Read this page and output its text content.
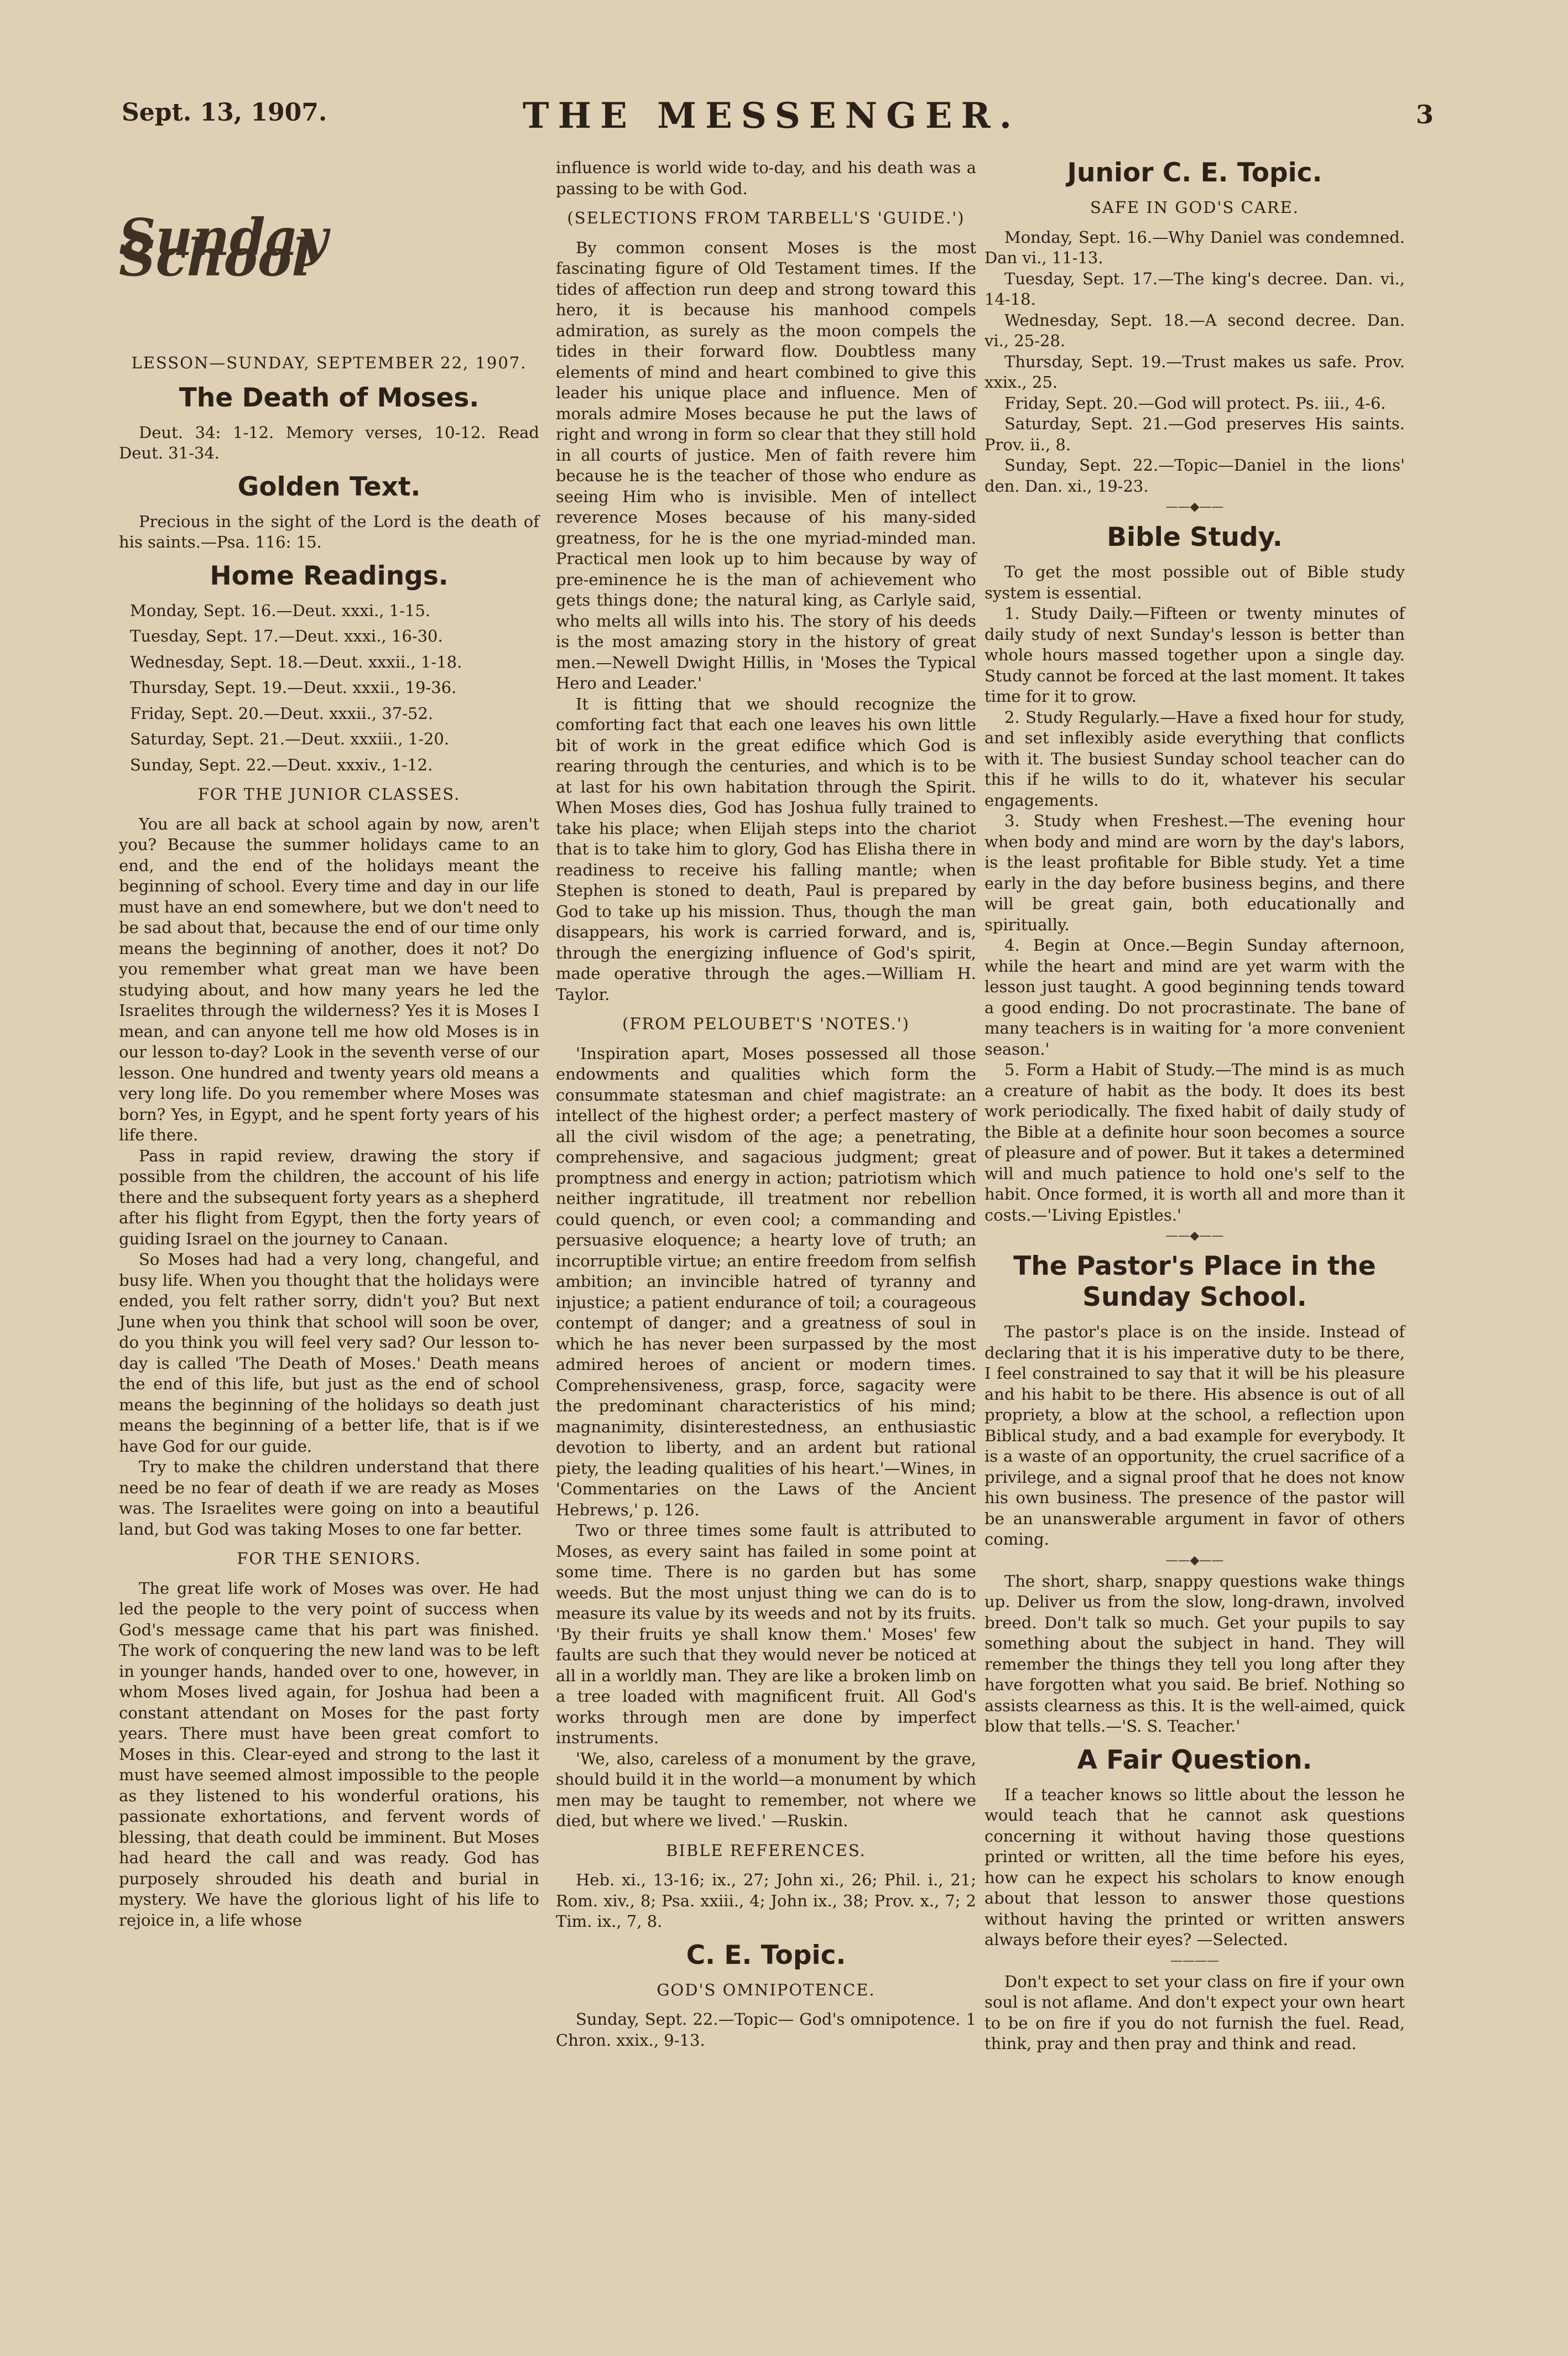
Sept. 13, 1907.	THE MESSENGER.	3
Sunday School
LESSON—SUNDAY, SEPTEMBER 22, 1907.
The Death of Moses.

Deut. 34: 1-12. Memory verses, 10-12. Read Deut. 31-34.

Golden Text.

Precious in the sight of the Lord is the death of his saints.—Psa. 116: 15.

Home Readings.
Monday, Sept. 16.—Deut. xxxi., 1-15.
Tuesday, Sept. 17.—Deut. xxxi., 16-30.
Wednesday, Sept. 18.—Deut. xxxii., 1-18.
Thursday, Sept. 19.—Deut. xxxii., 19-36.
Friday, Sept. 20.—Deut. xxxii., 37-52.
Saturday, Sept. 21.—Deut. xxxiii., 1-20.
Sunday, Sept. 22.—Deut. xxxiv., 1-12.
FOR THE JUNIOR CLASSES.

You are all back at school again by now, aren't you? Because the summer holidays came to an end, and the end of the holidays meant the beginning of school. Every time and day in our life must have an end somewhere, but we don't need to be sad about that, because the end of our time only means the beginning of another, does it not? Do you remember what great man we have been studying about, and how many years he led the Israelites through the wilderness? Yes it is Moses I mean, and can anyone tell me how old Moses is in our lesson to-day? Look in the seventh verse of our lesson. One hundred and twenty years old means a very long life. Do you remember where Moses was born? Yes, in Egypt, and he spent forty years of his life there.

Pass in rapid review, drawing the story if possible from the children, the account of his life there and the subsequent forty years as a shepherd after his flight from Egypt, then the forty years of guiding Israel on the journey to Canaan.

So Moses had had a very long, changeful, and busy life. When you thought that the holidays were ended, you felt rather sorry, didn't you? But next June when you think that school will soon be over, do you think you will feel very sad? Our lesson to-day is called 'The Death of Moses.' Death means the end of this life, but just as the end of school means the beginning of the holidays so death just means the beginning of a better life, that is if we have God for our guide.

Try to make the children understand that there need be no fear of death if we are ready as Moses was. The Israelites were going on into a beautiful land, but God was taking Moses to one far better.

FOR THE SENIORS.

The great life work of Moses was over. He had led the people to the very point of success when God's message came that his part was finished. The work of conquering the new land was to be left in younger hands, handed over to one, however, in whom Moses lived again, for Joshua had been a constant attendant on Moses for the past forty years. There must have been great comfort to Moses in this. Clear-eyed and strong to the last it must have seemed almost impossible to the people as they listened to his wonderful orations, his passionate exhortations, and fervent words of blessing, that death could be imminent. But Moses had heard the call and was ready. God has purposely shrouded his death and burial in mystery. We have the glorious light of his life to rejoice in, a life whose

influence is world wide to-day, and his death was a passing to be with God.

(SELECTIONS FROM TARBELL'S 'GUIDE.')

By common consent Moses is the most fascinating figure of Old Testament times. If the tides of affection run deep and strong toward this hero, it is because his manhood compels admiration, as surely as the moon compels the tides in their forward flow. Doubtless many elements of mind and heart combined to give this leader his unique place and influence. Men of morals admire Moses because he put the laws of right and wrong in form so clear that they still hold in all courts of justice. Men of faith revere him because he is the teacher of those who endure as seeing Him who is invisible. Men of intellect reverence Moses because of his many-sided greatness, for he is the one myriad-minded man. Practical men look up to him because by way of pre-eminence he is the man of achievement who gets things done; the natural king, as Carlyle said, who melts all wills into his. The story of his deeds is the most amazing story in the history of great men.—Newell Dwight Hillis, in 'Moses the Typical Hero and Leader.'

It is fitting that we should recognize the comforting fact that each one leaves his own little bit of work in the great edifice which God is rearing through the centuries, and which is to be at last for his own habitation through the Spirit. When Moses dies, God has Joshua fully trained to take his place; when Elijah steps into the chariot that is to take him to glory, God has Elisha there in readiness to receive his falling mantle; when Stephen is stoned to death, Paul is prepared by God to take up his mission. Thus, though the man disappears, his work is carried forward, and is, through the energizing influence of God's spirit, made operative through the ages.—William H. Taylor.

(FROM PELOUBET'S 'NOTES.')

'Inspiration apart, Moses possessed all those endowments and qualities which form the consummate statesman and chief magistrate: an intellect of the highest order; a perfect mastery of all the civil wisdom of the age; a penetrating, comprehensive, and sagacious judgment; great promptness and energy in action; patriotism which neither ingratitude, ill treatment nor rebellion could quench, or even cool; a commanding and persuasive eloquence; a hearty love of truth; an incorruptible virtue; an entire freedom from selfish ambition; an invincible hatred of tyranny and injustice; a patient endurance of toil; a courageous contempt of danger; and a greatness of soul in which he has never been surpassed by the most admired heroes of ancient or modern times. Comprehensiveness, grasp, force, sagacity were the predominant characteristics of his mind; magnanimity, disinterestedness, an enthusiastic devotion to liberty, and an ardent but rational piety, the leading qualities of his heart.'—Wines, in 'Commentaries on the Laws of the Ancient Hebrews,' p. 126.

Two or three times some fault is attributed to Moses, as every saint has failed in some point at some time. There is no garden but has some weeds. But the most unjust thing we can do is to measure its value by its weeds and not by its fruits. 'By their fruits ye shall know them.' Moses' few faults are such that they would never be noticed at all in a worldly man. They are like a broken limb on a tree loaded with magnificent fruit. All God's works through men are done by imperfect instruments.

'We, also, careless of a monument by the grave, should build it in the world—a monument by which men may be taught to remember, not where we died, but where we lived.' —Ruskin.

BIBLE REFERENCES.

Heb. xi., 13-16; ix., 27; John xi., 26; Phil. i., 21; Rom. xiv., 8; Psa. xxiii., 4; John ix., 38; Prov. x., 7; 2 Tim. ix., 7, 8.

C. E. Topic.
GOD'S OMNIPOTENCE.

Sunday, Sept. 22.—Topic— God's omnipotence. 1 Chron. xxix., 9-13.

Junior C. E. Topic.
SAFE IN GOD'S CARE.

Monday, Sept. 16.—Why Daniel was condemned. Dan vi., 11-13.

Tuesday, Sept. 17.—The king's decree. Dan. vi., 14-18.

Wednesday, Sept. 18.—A second decree. Dan. vi., 25-28.

Thursday, Sept. 19.—Trust makes us safe. Prov. xxix., 25.

Friday, Sept. 20.—God will protect. Ps. iii., 4-6.

Saturday, Sept. 21.—God preserves His saints. Prov. ii., 8.

Sunday, Sept. 22.—Topic—Daniel in the lions' den. Dan. xi., 19-23.

——◆——
Bible Study.

To get the most possible out of Bible study system is essential.

1. Study Daily.—Fifteen or twenty minutes of daily study of next Sunday's lesson is better than whole hours massed together upon a single day. Study cannot be forced at the last moment. It takes time for it to grow.

2. Study Regularly.—Have a fixed hour for study, and set inflexibly aside everything that conflicts with it. The busiest Sunday school teacher can do this if he wills to do it, whatever his secular engagements.

3. Study when Freshest.—The evening hour when body and mind are worn by the day's labors, is the least profitable for Bible study. Yet a time early in the day before business begins, and there will be great gain, both educationally and spiritually.

4. Begin at Once.—Begin Sunday afternoon, while the heart and mind are yet warm with the lesson just taught. A good beginning tends toward a good ending. Do not procrastinate. The bane of many teachers is in waiting for 'a more convenient season.'

5. Form a Habit of Study.—The mind is as much a creature of habit as the body. It does its best work periodically. The fixed habit of daily study of the Bible at a definite hour soon becomes a source of pleasure and of power. But it takes a determined will and much patience to hold one's self to the habit. Once formed, it is worth all and more than it costs.—'Living Epistles.'

——◆——
The Pastor's Place in the Sunday School.

The pastor's place is on the inside. Instead of declaring that it is his imperative duty to be there, I feel constrained to say that it will be his pleasure and his habit to be there. His absence is out of all propriety, a blow at the school, a reflection upon Biblical study, and a bad example for everybody. It is a waste of an opportunity, the cruel sacrifice of a privilege, and a signal proof that he does not know his own business. The presence of the pastor will be an unanswerable argument in favor of others coming.

——◆——

The short, sharp, snappy questions wake things up. Deliver us from the slow, long-drawn, involved breed. Don't talk so much. Get your pupils to say something about the subject in hand. They will remember the things they tell you long after they have forgotten what you said. Be brief. Nothing so assists clearness as this. It is the well-aimed, quick blow that tells.—'S. S. Teacher.'

A Fair Question.

If a teacher knows so little about the lesson he would teach that he cannot ask questions concerning it without having those questions printed or written, all the time before his eyes, how can he expect his scholars to know enough about that lesson to answer those questions without having the printed or written answers always before their eyes? —Selected.

————

Don't expect to set your class on fire if your own soul is not aflame. And don't expect your own heart to be on fire if you do not furnish the fuel. Read, think, pray and then pray and think and read.
